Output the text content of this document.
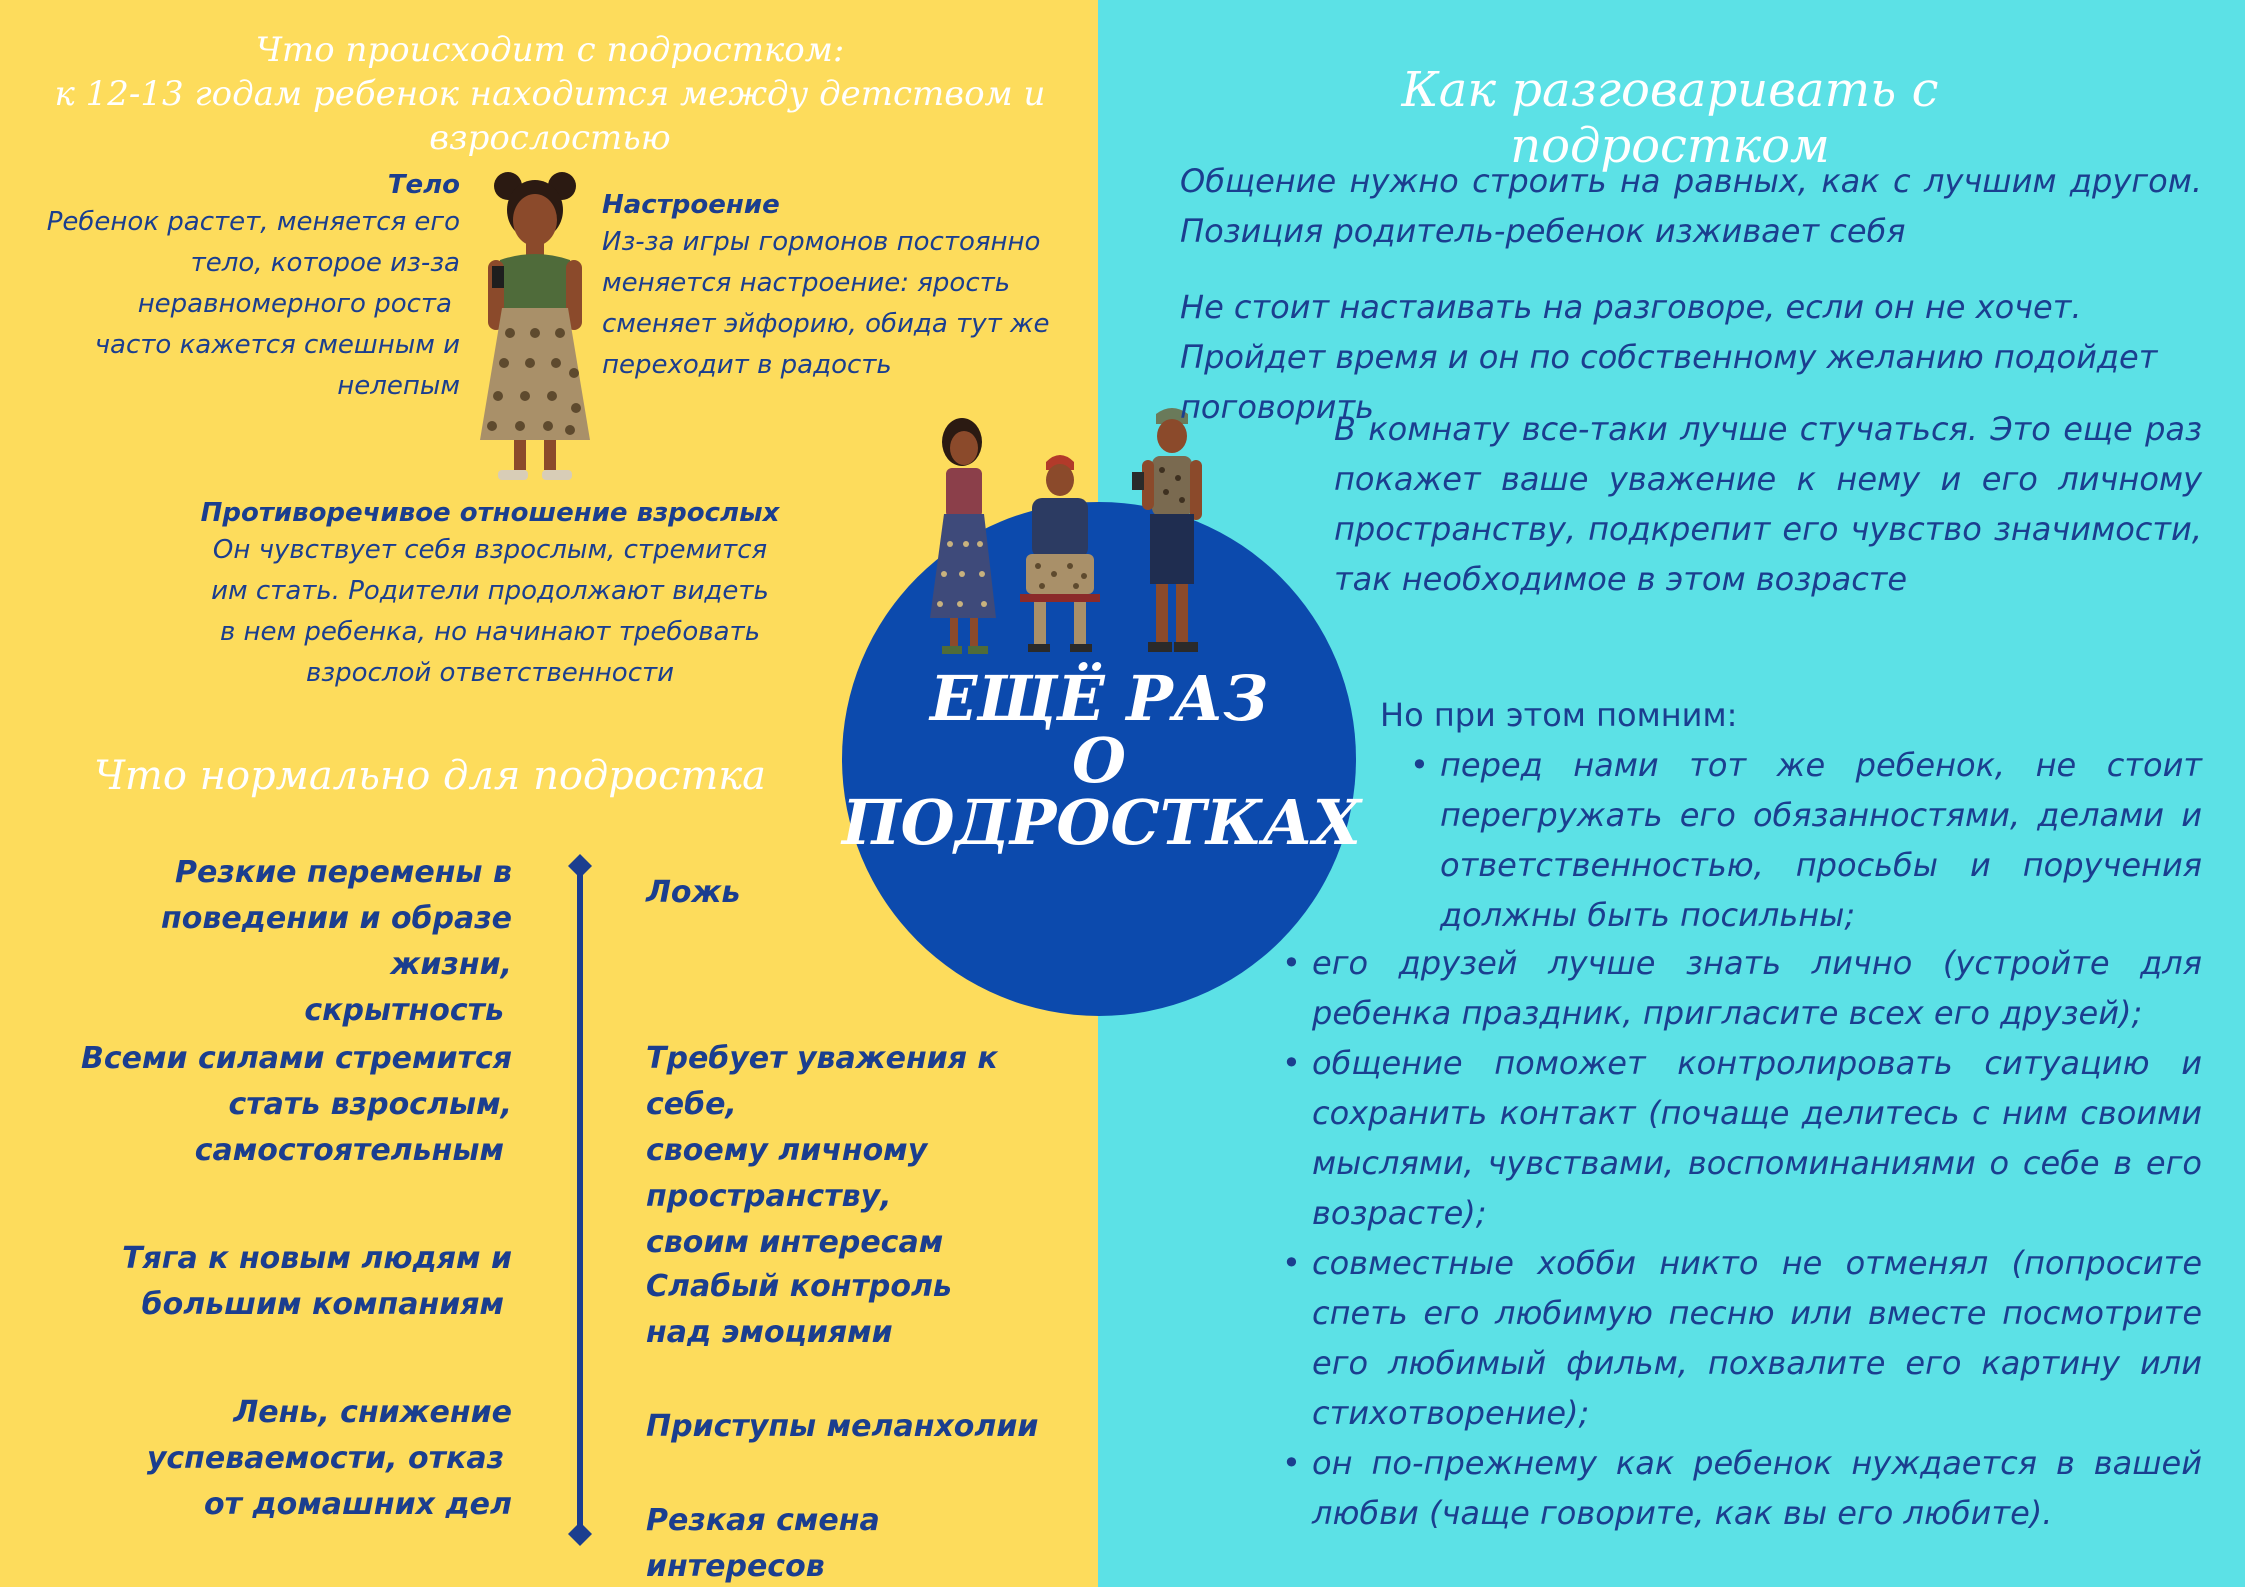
Что происходит с подростком:
к 12-13 годам ребенок находится между детством и
взрослостью
Тело
Ребенок растет, меняется его
тело, которое из-за
неравномерного роста
часто кажется смешным и
нелепым
Настроение
Из-за игры гормонов постоянно
меняется настроение: ярость
сменяет эйфорию, обида тут же
переходит в радость
Противоречивое отношение взрослых
Он чувствует себя взрослым, стремится
им стать. Родители продолжают видеть
в нем ребенка, но начинают требовать
взрослой ответственности
Что нормально для подростка
Резкие перемены в
поведении и образе жизни,
скрытность
Всеми силами стремится
стать взрослым,
самостоятельным
Тяга к новым людям и
большим компаниям
Лень, снижение
успеваемости, отказ
от домашних дел
Ложь
Требует уважения к себе,
своему личному
пространству,
своим интересам
Слабый контроль
над эмоциями
Приступы меланхолии
Резкая смена интересов
ЕЩЁ РАЗ
О
ПОДРОСТКАХ
Как разговаривать с подростком
Общение нужно строить на равных, как с лучшим другом. Позиция родитель-ребенок изживает себя
Не стоит настаивать на разговоре, если он не хочет. Пройдет время и он по собственному желанию подойдет поговорить
В комнату все-таки лучше стучаться. Это еще раз покажет ваше уважение к нему и его личному пространству, подкрепит его чувство значимости, так необходимое в этом возрасте
Но при этом помним:
• перед нами тот же ребенок, не стоит перегружать его обязанностями, делами и ответственностью, просьбы и поручения должны быть посильны;
• его друзей лучше знать лично (устройте для ребенка праздник, пригласите всех его друзей);
• общение поможет контролировать ситуацию и сохранить контакт (почаще делитесь с ним своими мыслями, чувствами, воспоминаниями о себе в его возрасте);
• совместные хобби никто не отменял (попросите спеть его любимую песню или вместе посмотрите его любимый фильм, похвалите его картину или стихотворение);
• он по-прежнему как ребенок нуждается в вашей любви (чаще говорите, как вы его любите).
